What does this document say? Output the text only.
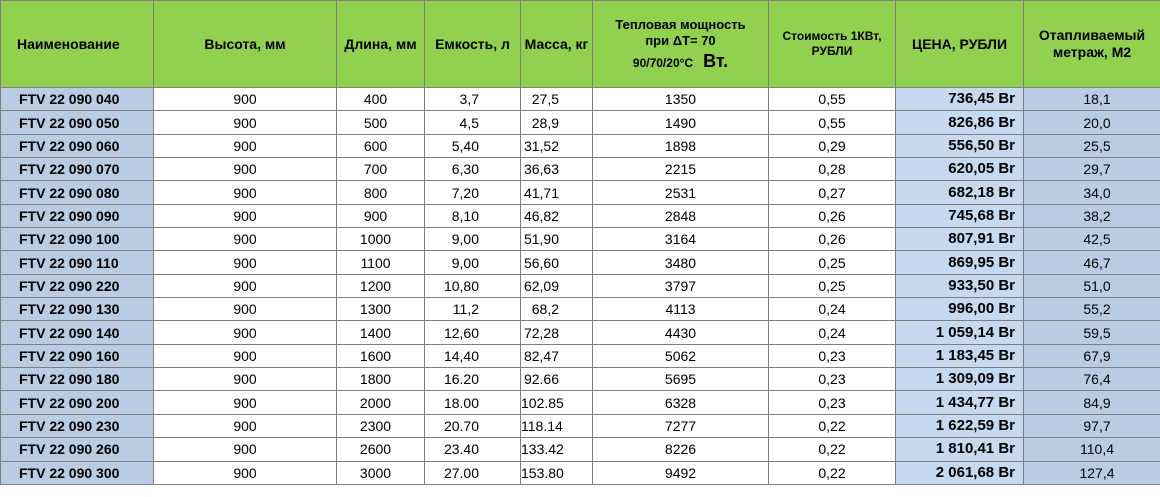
Наименование	Высота, мм	Длина, мм	Емкость, л	Масса, кг	Тепловая мощность при ΔT= 70
90/70/20°C Вт.	Стоимость 1КВт, РУБЛИ	ЦЕНА, РУБЛИ	Отапливаемый метраж, М2
FTV 22 090 040	900	400	3,7	27,5	1350	0,55	736,45 Br	18,1
FTV 22 090 050	900	500	4,5	28,9	1490	0,55	826,86 Br	20,0
FTV 22 090 060	900	600	5,40	31,52	1898	0,29	556,50 Br	25,5
FTV 22 090 070	900	700	6,30	36,63	2215	0,28	620,05 Br	29,7
FTV 22 090 080	900	800	7,20	41,71	2531	0,27	682,18 Br	34,0
FTV 22 090 090	900	900	8,10	46,82	2848	0,26	745,68 Br	38,2
FTV 22 090 100	900	1000	9,00	51,90	3164	0,26	807,91 Br	42,5
FTV 22 090 110	900	1100	9,00	56,60	3480	0,25	869,95 Br	46,7
FTV 22 090 220	900	1200	10,80	62,09	3797	0,25	933,50 Br	51,0
FTV 22 090 130	900	1300	11,2	68,2	4113	0,24	996,00 Br	55,2
FTV 22 090 140	900	1400	12,60	72,28	4430	0,24	1 059,14 Br	59,5
FTV 22 090 160	900	1600	14,40	82,47	5062	0,23	1 183,45 Br	67,9
FTV 22 090 180	900	1800	16.20	92.66	5695	0,23	1 309,09 Br	76,4
FTV 22 090 200	900	2000	18.00	102.85	6328	0,23	1 434,77 Br	84,9
FTV 22 090 230	900	2300	20.70	118.14	7277	0,22	1 622,59 Br	97,7
FTV 22 090 260	900	2600	23.40	133.42	8226	0,22	1 810,41 Br	110,4
FTV 22 090 300	900	3000	27.00	153.80	9492	0,22	2 061,68 Br	127,4
